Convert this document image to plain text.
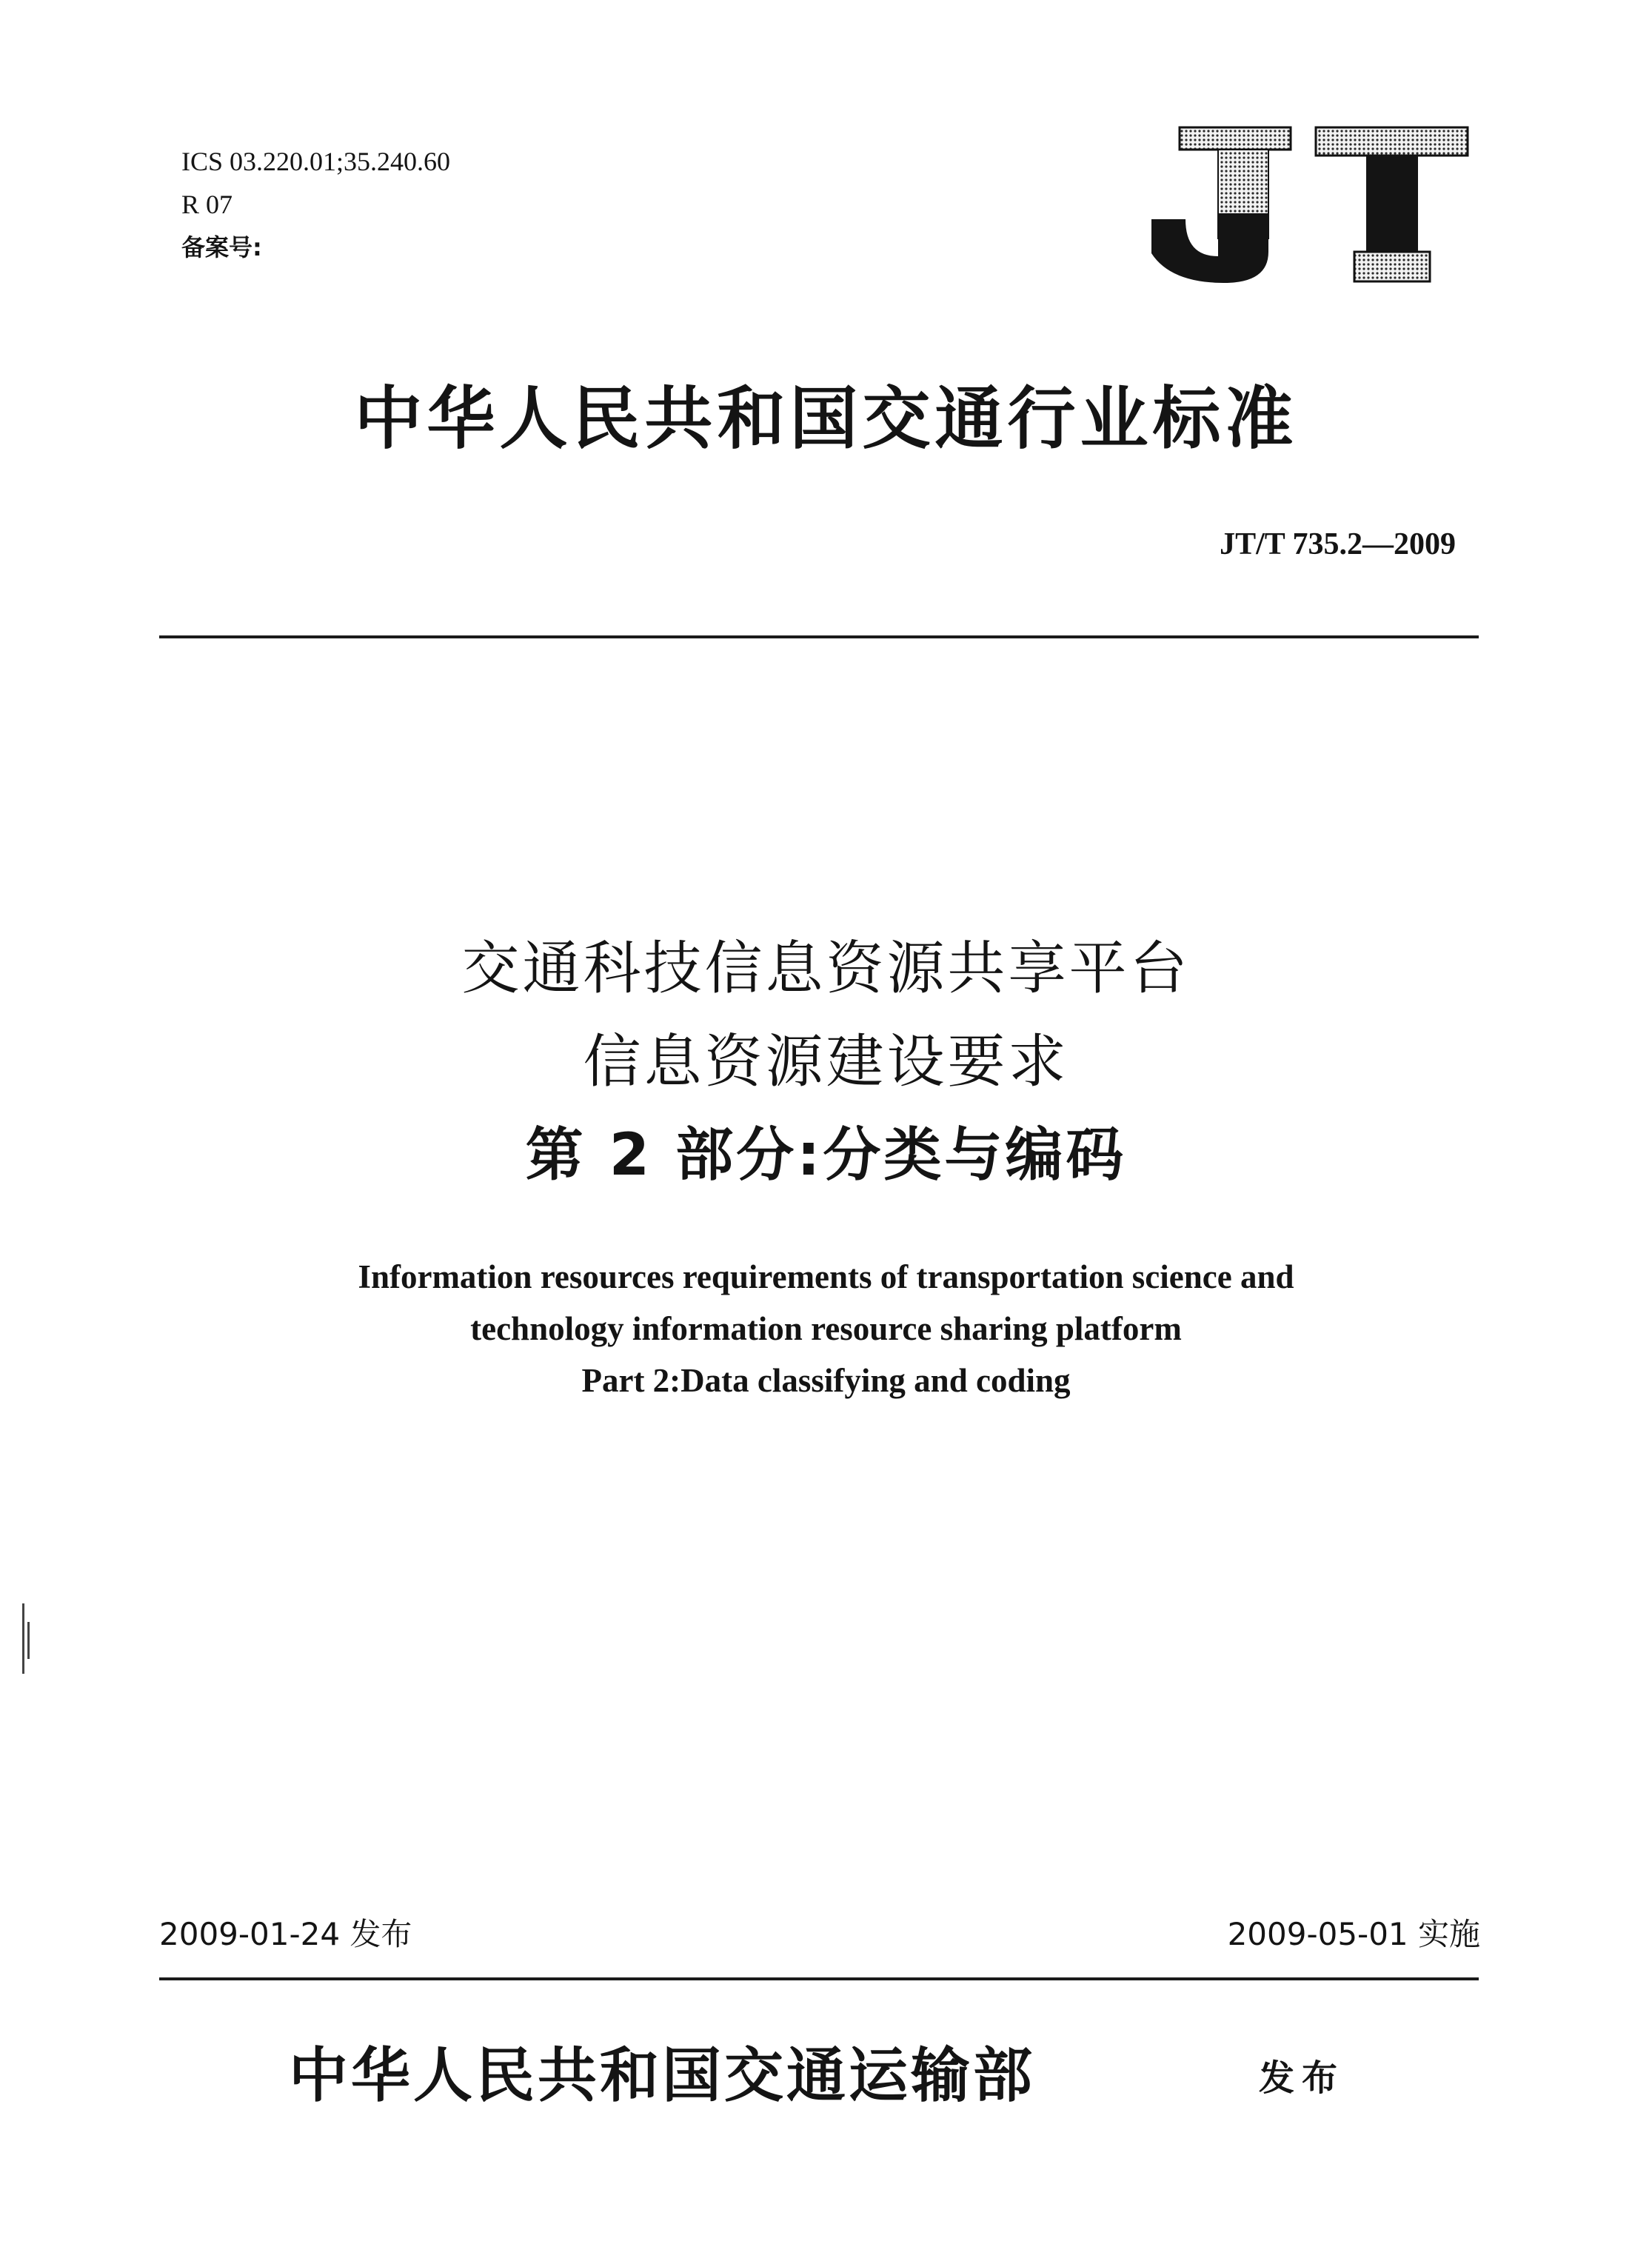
ICS 03.220.01;35.240.60
R 07
备案号:
JT
中华人民共和国交通行业标准
JT/T 735.2—2009
交通科技信息资源共享平台
信息资源建设要求
第 2 部分:分类与编码
Information resources requirements of transportation science and
technology information resource sharing platform
Part 2:Data classifying and coding
2009-01-24 发布	2009-05-01 实施
中华人民共和国交通运输部	发布
